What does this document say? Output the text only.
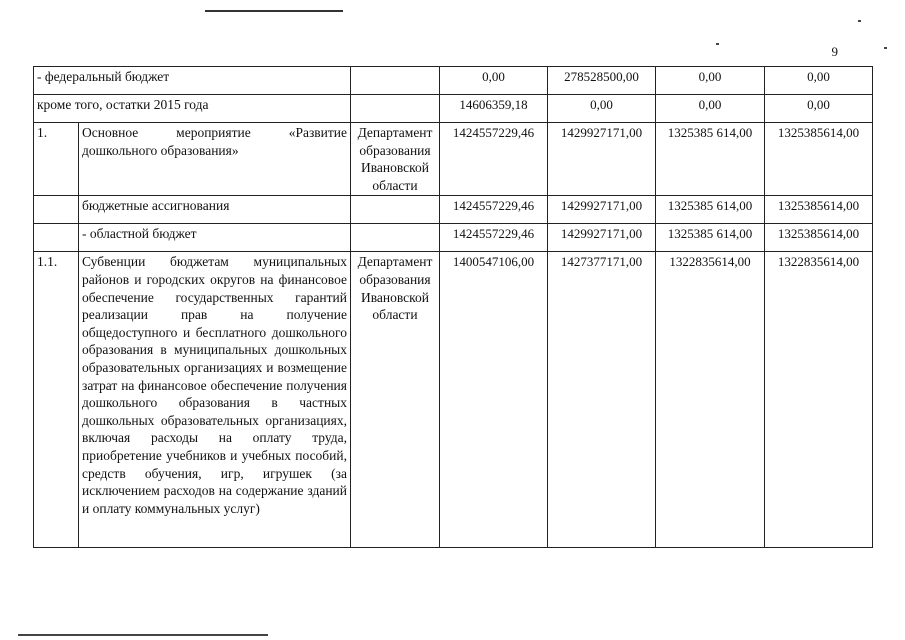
9
- федеральный бюджет			0,00	278528500,00	0,00	0,00
кроме того, остатки 2015 года			14606359,18	0,00	0,00	0,00
1.	Основное мероприятие «Развитие дошкольного образования»	Департамент образования Ивановской области	1424557229,46	1429927171,00	1325385 614,00	1325385614,00
	бюджетные ассигнования		1424557229,46	1429927171,00	1325385 614,00	1325385614,00
	- областной бюджет		1424557229,46	1429927171,00	1325385 614,00	1325385614,00
1.1.	Субвенции бюджетам муниципальных районов и городских округов на финансовое обеспечение государственных гарантий реализации прав на получение общедоступного и бесплатного дошкольного образования в муниципальных дошкольных образовательных организациях и возмещение затрат на финансовое обеспечение получения дошкольного образования в частных дошкольных образовательных организациях, включая расходы на оплату труда, приобретение учебников и учебных пособий, средств обучения, игр, игрушек (за исключением расходов на содержание зданий и оплату коммунальных услуг)	Департамент образования Ивановской области	1400547106,00	1427377171,00	1322835614,00	1322835614,00
